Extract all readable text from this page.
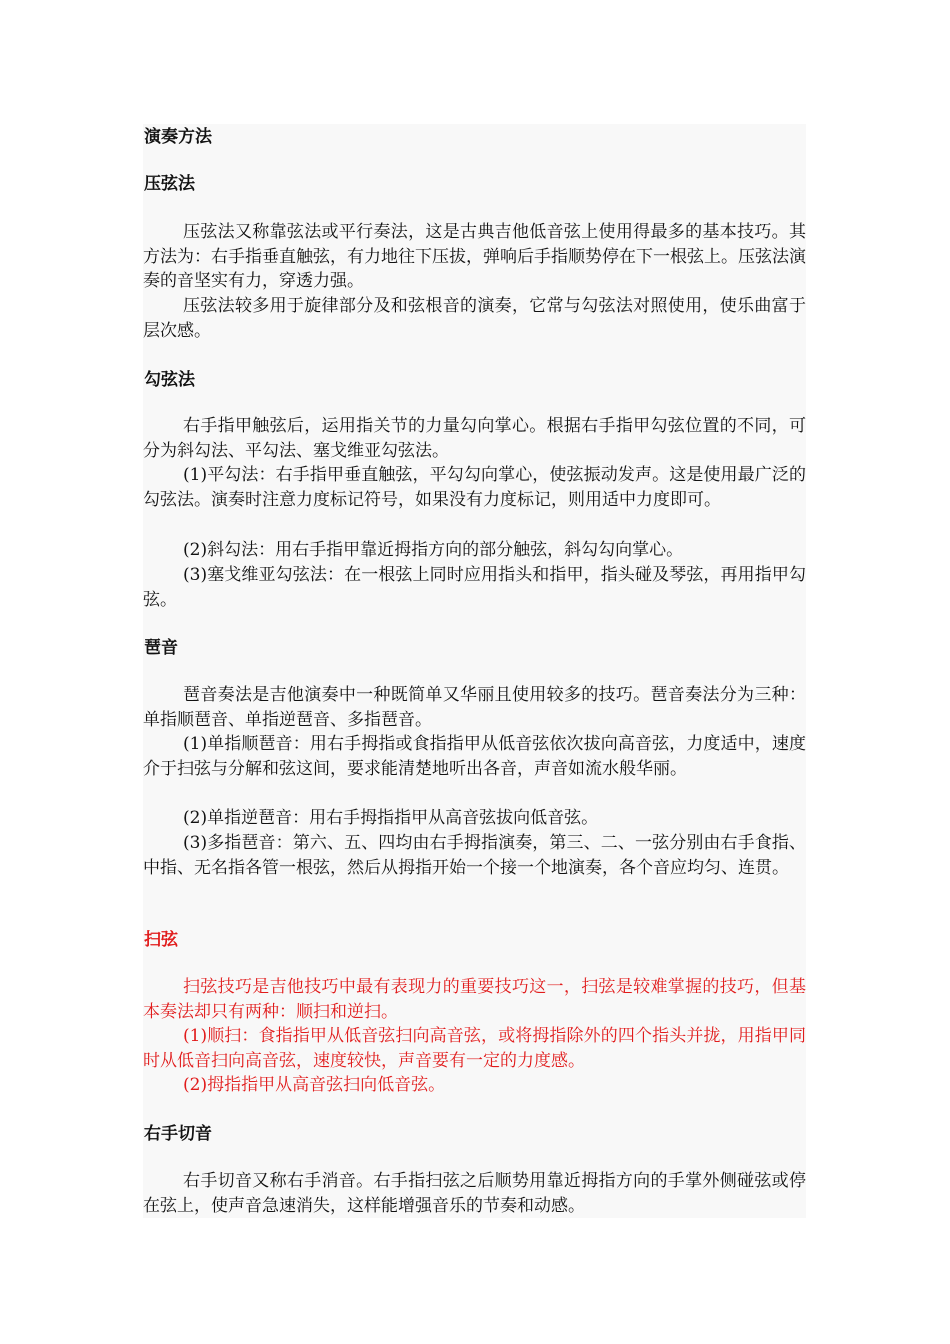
演奏方法
压弦法
压弦法又称靠弦法或平行奏法，这是古典吉他低音弦上使用得最多的基本技巧。其方法为：右手指垂直触弦，有力地往下压拔，弹响后手指顺势停在下一根弦上。压弦法演奏的音坚实有力，穿透力强。
压弦法较多用于旋律部分及和弦根音的演奏，它常与勾弦法对照使用，使乐曲富于层次感。
勾弦法
右手指甲触弦后，运用指关节的力量勾向掌心。根据右手指甲勾弦位置的不同，可分为斜勾法、平勾法、塞戈维亚勾弦法。
(1)平勾法：右手指甲垂直触弦，平勾勾向掌心，使弦振动发声。这是使用最广泛的勾弦法。演奏时注意力度标记符号，如果没有力度标记，则用适中力度即可。
(2)斜勾法：用右手指甲靠近拇指方向的部分触弦，斜勾勾向掌心。
(3)塞戈维亚勾弦法：在一根弦上同时应用指头和指甲，指头碰及琴弦，再用指甲勾弦。
琶音
琶音奏法是吉他演奏中一种既简单又华丽且使用较多的技巧。琶音奏法分为三种：单指顺琶音、单指逆琶音、多指琶音。
(1)单指顺琶音：用右手拇指或食指指甲从低音弦依次拔向高音弦，力度适中，速度介于扫弦与分解和弦这间，要求能清楚地听出各音，声音如流水般华丽。
(2)单指逆琶音：用右手拇指指甲从高音弦拔向低音弦。
(3)多指琶音：第六、五、四均由右手拇指演奏，第三、二、一弦分别由右手食指、中指、无名指各管一根弦，然后从拇指开始一个接一个地演奏，各个音应均匀、连贯。
扫弦
扫弦技巧是吉他技巧中最有表现力的重要技巧这一，扫弦是较难掌握的技巧，但基本奏法却只有两种：顺扫和逆扫。
(1)顺扫：食指指甲从低音弦扫向高音弦，或将拇指除外的四个指头并拢，用指甲同时从低音扫向高音弦，速度较快，声音要有一定的力度感。
(2)拇指指甲从高音弦扫向低音弦。
右手切音
右手切音又称右手消音。右手指扫弦之后顺势用靠近拇指方向的手掌外侧碰弦或停在弦上，使声音急速消失，这样能增强音乐的节奏和动感。
